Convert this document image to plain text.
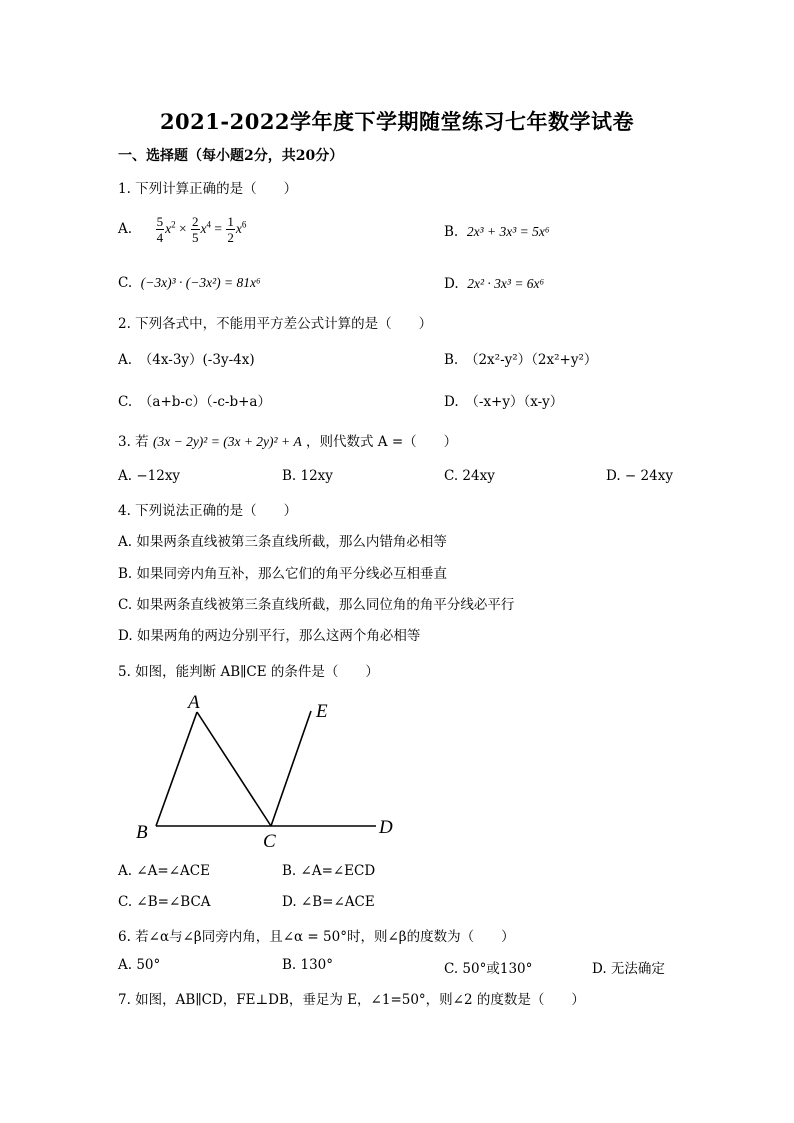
2021-2022学年度下学期随堂练习七年数学试卷
一、选择题（每小题2分，共20分）
1. 下列计算正确的是（　　）
A. $\frac{5}{4} x^2 \times \frac{2}{5} x^4 = \frac{1}{2} x^6$	B. 2x³ + 3x³ = 5x⁶
C. (−3x)³ · (−3x²) = 81x⁶	D. 2x² · 3x³ = 6x⁶
2. 下列各式中，不能用平方差公式计算的是（　　）
A.　（4x-3y）(-3y-4x)	B.　（2x²-y²）（2x²+y²）
C.　（a+b-c）（-c-b+a）	D.　（-x+y）（x-y）
3. 若 (3x − 2y)² = (3x + 2y)² + A ，则代数式 A =（　　）
A. −12xy	B. 12xy	C. 24xy	D. − 24xy
4. 下列说法正确的是（　　）
A. 如果两条直线被第三条直线所截，那么内错角必相等
B. 如果同旁内角互补，那么它们的角平分线必互相垂直
C. 如果两条直线被第三条直线所截，那么同位角的角平分线必平行
D. 如果两角的两边分别平行，那么这两个角必相等
5. 如图，能判断 AB∥CE 的条件是（　　）
A	E
B	C
D
A. ∠A=∠ACE	B. ∠A=∠ECD
C. ∠B=∠BCA	D. ∠B=∠ACE
6. 若∠α与∠β同旁内角，且∠α = 50°时，则∠β的度数为（　　）
A. 50°	B. 130°	C. 50°或130°	D. 无法确定
7. 如图，AB∥CD，FE⊥DB，垂足为 E，∠1=50°，则∠2 的度数是（　　）
